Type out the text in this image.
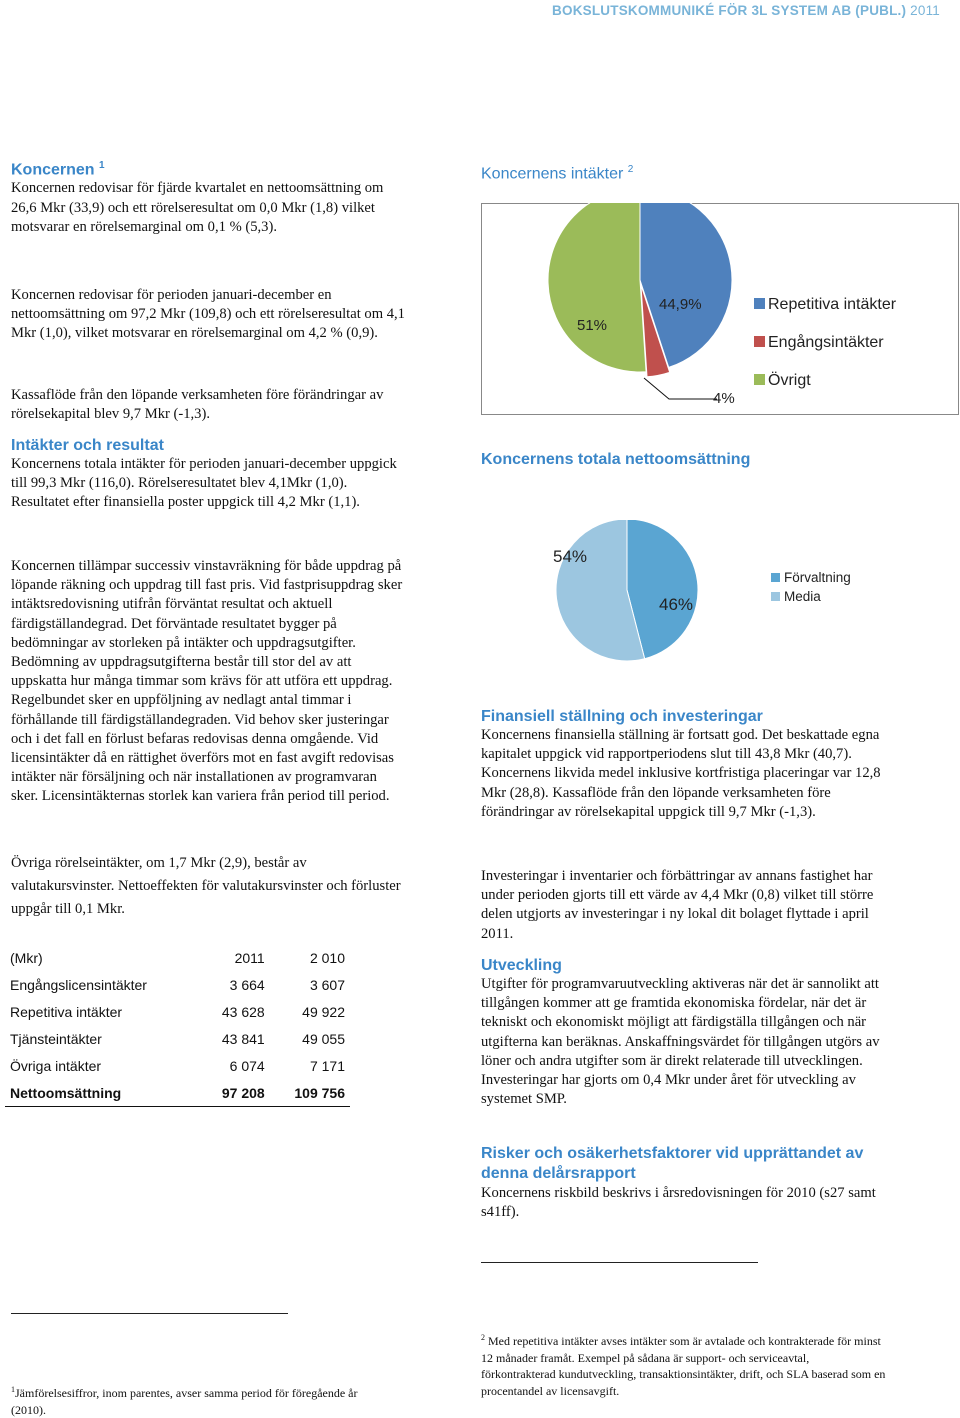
BOKSLUTSKOMMUNIKÉ FÖR 3L SYSTEM AB (PUBL.) 2011

Koncernen $^1$

Koncernen redovisar för fjärde kvartalet en nettoomsättning om 26,6 Mkr (33,9) och ett rörelseresultat om 0,0 Mkr (1,8) vilket motsvarar en rörelsemarginal om 0,1 % (5,3).

Koncernen redovisar för perioden januari-december en nettoomsättning om 97,2 Mkr (109,8) och ett rörelseresultat om 4,1 Mkr (1,0), vilket motsvarar en rörelsemarginal om 4,2 % (0,9).

Kassaflöde från den löpande verksamheten före förändringar av rörelsekapital blev 9,7 Mkr (-1,3).

Intäkter och resultat

Koncernens totala intäkter för perioden januari-december uppgick till 99,3 Mkr (116,0). Rörelseresultatet blev 4,1Mkr (1,0). Resultatet efter finansiella poster uppgick till 4,2 Mkr (1,1).

Koncernen tillämpar successiv vinstavräkning för både uppdrag på löpande räkning och uppdrag till fast pris. Vid fastprisuppdrag sker intäktsredovisning utifrån förväntat resultat och aktuell färdigställandegrad. Det förväntade resultatet bygger på bedömningar av storleken på intäkter och uppdragsutgifter. Bedömning av uppdragsutgifterna består till stor del av att uppskatta hur många timmar som krävs för att utföra ett uppdrag. Regelbundet sker en uppföljning av nedlagt antal timmar i förhållande till färdigställandegraden. Vid behov sker justeringar och i det fall en förlust befaras redovisas denna omgående. Vid licensintäkter då en rättighet överförs mot en fast avgift redovisas intäkter när försäljning och när installationen av programvaran sker. Licensintäkternas storlek kan variera från period till period.

Övriga rörelseintäkter, om 1,7 Mkr (2,9), består av valutakursvinster. Nettoeffekten för valutakursvinster och förluster uppgår till 0,1 Mkr.

(Mkr)	2011	2 010
Engångslicensintäkter	3 664	3 607
Repetitiva intäkter	43 628	49 922
Tjänsteintäkter	43 841	49 055
Övriga intäkter	6 074	7 171
Nettoomsättning	97 208	109 756
Koncernens intäkter $^2$
44,9%
4%
51%
Repetitiva intäkter
Engångsintäkter
Övrigt
Koncernens totala nettoomsättning
46%
54%
Förvaltning
Media

Finansiell ställning och investeringar

Koncernens finansiella ställning är fortsatt god. Det beskattade egna kapitalet uppgick vid rapportperiodens slut till 43,8 Mkr (40,7). Koncernens likvida medel inklusive kortfristiga placeringar var 12,8 Mkr (28,8). Kassaflöde från den löpande verksamheten före förändringar av rörelsekapital uppgick till 9,7 Mkr (-1,3).

Investeringar i inventarier och förbättringar av annans fastighet har under perioden gjorts till ett värde av 4,4 Mkr (0,8) vilket till större delen utgjorts av investeringar i ny lokal dit bolaget flyttade i april 2011.

Utveckling

Utgifter för programvaruutveckling aktiveras när det är sannolikt att tillgången kommer att ge framtida ekonomiska fördelar, när det är tekniskt och ekonomiskt möjligt att färdigställa tillgången och när utgifterna kan beräknas. Anskaffningsvärdet för tillgången utgörs av löner och andra utgifter som är direkt relaterade till utvecklingen. Investeringar har gjorts om 0,4 Mkr under året för utveckling av systemet SMP.

Risker och osäkerhetsfaktorer vid upprättandet av denna delårsrapport

Koncernens riskbild beskrivs i årsredovisningen för 2010 (s27 samt s41ff).

$^1$Jämförelsesiffror, inom parentes, avser samma period för föregående år (2010).
$^2$ Med repetitiva intäkter avses intäkter som är avtalade och kontrakterade för minst 12 månader framåt. Exempel på sådana är support- och serviceavtal, förkontrakterad kundutveckling, transaktionsintäkter, drift, och SLA baserad som en procentandel av licensavgift.
